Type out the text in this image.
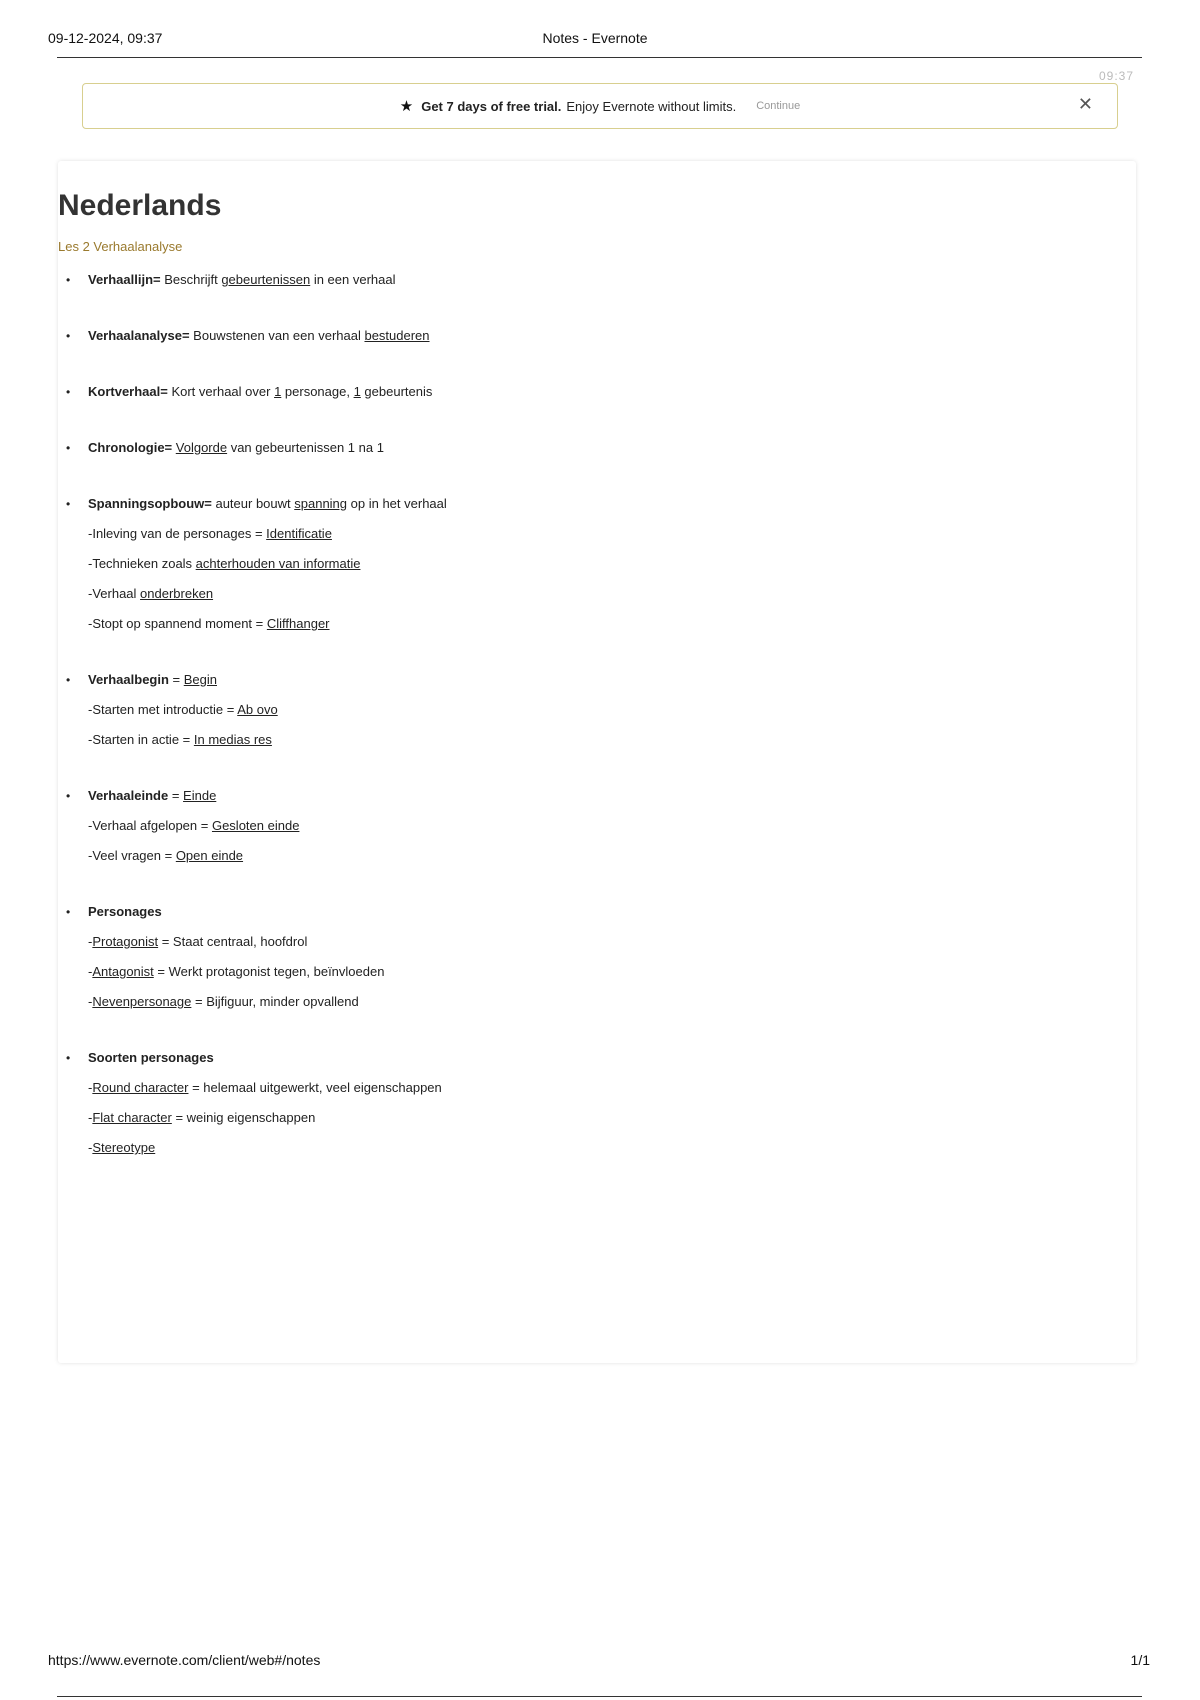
09-12-2024, 09:37	Notes - Evernote
09:37
★ Get 7 days of free trial. Enjoy Evernote without limits. Continue	✕
Nederlands
Les 2 Verhaalanalyse
• Verhaallijn= Beschrijft gebeurtenissen in een verhaal
• Verhaalanalyse= Bouwstenen van een verhaal bestuderen
• Kortverhaal= Kort verhaal over 1 personage, 1 gebeurtenis
• Chronologie= Volgorde van gebeurtenissen 1 na 1
• Spanningsopbouw= auteur bouwt spanning op in het verhaal
-Inleving van de personages = Identificatie
-Technieken zoals achterhouden van informatie
-Verhaal onderbreken
-Stopt op spannend moment = Cliffhanger
• Verhaalbegin = Begin
-Starten met introductie = Ab ovo
-Starten in actie = In medias res
• Verhaaleinde = Einde
-Verhaal afgelopen = Gesloten einde
-Veel vragen = Open einde
• Personages
-Protagonist = Staat centraal, hoofdrol
-Antagonist = Werkt protagonist tegen, beïnvloeden
-Nevenpersonage = Bijfiguur, minder opvallend
• Soorten personages
-Round character = helemaal uitgewerkt, veel eigenschappen
-Flat character = weinig eigenschappen
-Stereotype
https://www.evernote.com/client/web#/notes	1/1
